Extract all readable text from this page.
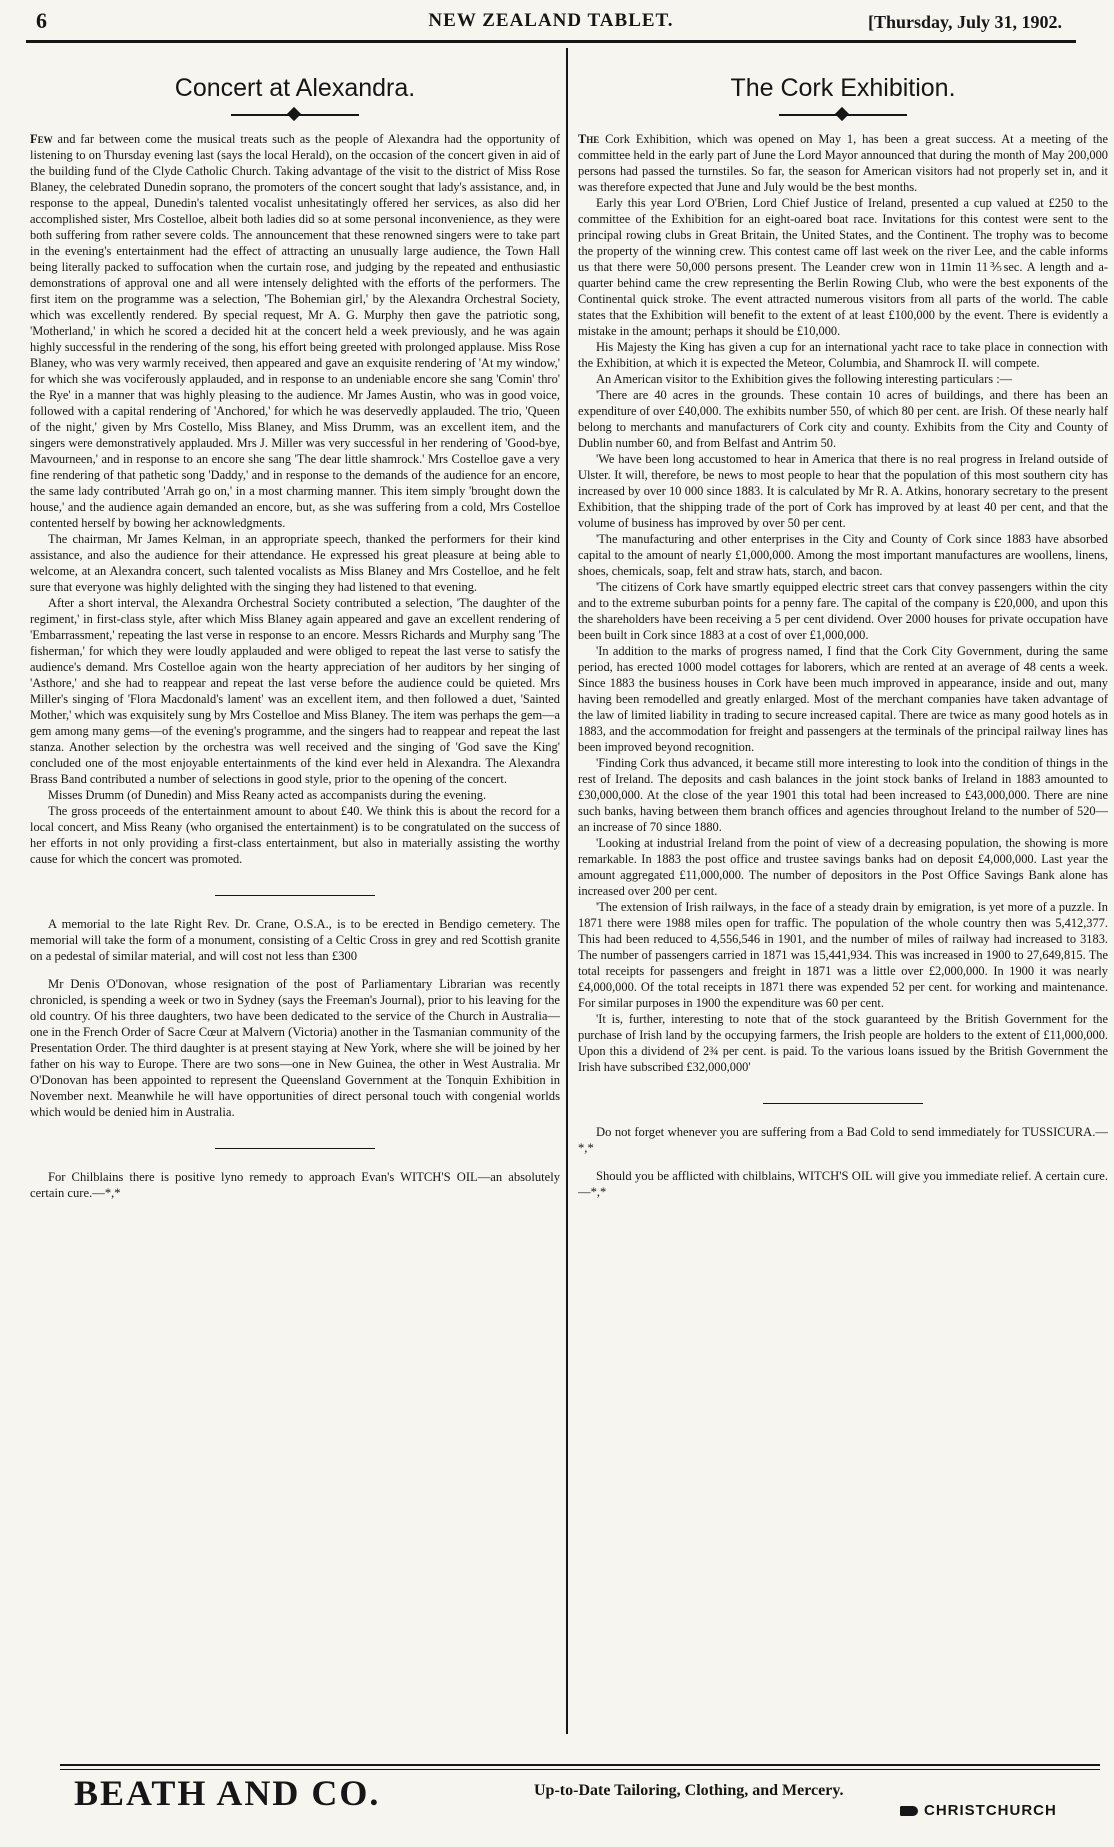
6	NEW ZEALAND TABLET.	[Thursday, July 31, 1902.
Concert at Alexandra.

Few and far between come the musical treats such as the people of Alexandra had the opportunity of listening to on Thursday evening last (says the local Herald), on the occasion of the concert given in aid of the building fund of the Clyde Catholic Church. Taking advantage of the visit to the district of Miss Rose Blaney, the celebrated Dunedin soprano, the promoters of the concert sought that lady's assistance, and, in response to the appeal, Dunedin's talented vocalist unhesitatingly offered her services, as also did her accomplished sister, Mrs Costelloe, albeit both ladies did so at some personal inconvenience, as they were both suffering from rather severe colds. The announcement that these renowned singers were to take part in the evening's entertainment had the effect of attracting an unusually large audience, the Town Hall being literally packed to suffocation when the curtain rose, and judging by the repeated and enthusiastic demonstrations of approval one and all were intensely delighted with the efforts of the performers. The first item on the programme was a selection, 'The Bohemian girl,' by the Alexandra Orchestral Society, which was excellently rendered. By special request, Mr A. G. Murphy then gave the patriotic song, 'Motherland,' in which he scored a decided hit at the concert held a week previously, and he was again highly successful in the rendering of the song, his effort being greeted with prolonged applause. Miss Rose Blaney, who was very warmly received, then appeared and gave an exquisite rendering of 'At my window,' for which she was vociferously applauded, and in response to an undeniable encore she sang 'Comin' thro' the Rye' in a manner that was highly pleasing to the audience. Mr James Austin, who was in good voice, followed with a capital rendering of 'Anchored,' for which he was deservedly applauded. The trio, 'Queen of the night,' given by Mrs Costello, Miss Blaney, and Miss Drumm, was an excellent item, and the singers were demonstratively applauded. Mrs J. Miller was very successful in her rendering of 'Good-bye, Mavourneen,' and in response to an encore she sang 'The dear little shamrock.' Mrs Costelloe gave a very fine rendering of that pathetic song 'Daddy,' and in response to the demands of the audience for an encore, the same lady contributed 'Arrah go on,' in a most charming manner. This item simply 'brought down the house,' and the audience again demanded an encore, but, as she was suffering from a cold, Mrs Costelloe contented herself by bowing her acknowledgments.

The chairman, Mr James Kelman, in an appropriate speech, thanked the performers for their kind assistance, and also the audience for their attendance. He expressed his great pleasure at being able to welcome, at an Alexandra concert, such talented vocalists as Miss Blaney and Mrs Costelloe, and he felt sure that everyone was highly delighted with the singing they had listened to that evening.

After a short interval, the Alexandra Orchestral Society contributed a selection, 'The daughter of the regiment,' in first-class style, after which Miss Blaney again appeared and gave an excellent rendering of 'Embarrassment,' repeating the last verse in response to an encore. Messrs Richards and Murphy sang 'The fisherman,' for which they were loudly applauded and were obliged to repeat the last verse to satisfy the audience's demand. Mrs Costelloe again won the hearty appreciation of her auditors by her singing of 'Asthore,' and she had to reappear and repeat the last verse before the audience could be quieted. Mrs Miller's singing of 'Flora Macdonald's lament' was an excellent item, and then followed a duet, 'Sainted Mother,' which was exquisitely sung by Mrs Costelloe and Miss Blaney. The item was perhaps the gem—a gem among many gems—of the evening's programme, and the singers had to reappear and repeat the last stanza. Another selection by the orchestra was well received and the singing of 'God save the King' concluded one of the most enjoyable entertainments of the kind ever held in Alexandra. The Alexandra Brass Band contributed a number of selections in good style, prior to the opening of the concert.

Misses Drumm (of Dunedin) and Miss Reany acted as accompanists during the evening.

The gross proceeds of the entertainment amount to about £40. We think this is about the record for a local concert, and Miss Reany (who organised the entertainment) is to be congratulated on the success of her efforts in not only providing a first-class entertainment, but also in materially assisting the worthy cause for which the concert was promoted.

A memorial to the late Right Rev. Dr. Crane, O.S.A., is to be erected in Bendigo cemetery. The memorial will take the form of a monument, consisting of a Celtic Cross in grey and red Scottish granite on a pedestal of similar material, and will cost not less than £300

Mr Denis O'Donovan, whose resignation of the post of Parliamentary Librarian was recently chronicled, is spending a week or two in Sydney (says the Freeman's Journal), prior to his leaving for the old country. Of his three daughters, two have been dedicated to the service of the Church in Australia—one in the French Order of Sacre Cœur at Malvern (Victoria) another in the Tasmanian community of the Presentation Order. The third daughter is at present staying at New York, where she will be joined by her father on his way to Europe. There are two sons—one in New Guinea, the other in West Australia. Mr O'Donovan has been appointed to represent the Queensland Government at the Tonquin Exhibition in November next. Meanwhile he will have opportunities of direct personal touch with congenial worlds which would be denied him in Australia.

For Chilblains there is positive lyno remedy to approach Evan's WITCH'S OIL—an absolutely certain cure.—*,*

The Cork Exhibition.

The Cork Exhibition, which was opened on May 1, has been a great success. At a meeting of the committee held in the early part of June the Lord Mayor announced that during the month of May 200,000 persons had passed the turnstiles. So far, the season for American visitors had not properly set in, and it was therefore expected that June and July would be the best months.

Early this year Lord O'Brien, Lord Chief Justice of Ireland, presented a cup valued at £250 to the committee of the Exhibition for an eight-oared boat race. Invitations for this contest were sent to the principal rowing clubs in Great Britain, the United States, and the Continent. The trophy was to become the property of the winning crew. This contest came off last week on the river Lee, and the cable informs us that there were 50,000 persons present. The Leander crew won in 11min 11⅗sec. A length and a-quarter behind came the crew representing the Berlin Rowing Club, who were the best exponents of the Continental quick stroke. The event attracted numerous visitors from all parts of the world. The cable states that the Exhibition will benefit to the extent of at least £100,000 by the event. There is evidently a mistake in the amount; perhaps it should be £10,000.

His Majesty the King has given a cup for an international yacht race to take place in connection with the Exhibition, at which it is expected the Meteor, Columbia, and Shamrock II. will compete.

An American visitor to the Exhibition gives the following interesting particulars :—

'There are 40 acres in the grounds. These contain 10 acres of buildings, and there has been an expenditure of over £40,000. The exhibits number 550, of which 80 per cent. are Irish. Of these nearly half belong to merchants and manufacturers of Cork city and county. Exhibits from the City and County of Dublin number 60, and from Belfast and Antrim 50.

'We have been long accustomed to hear in America that there is no real progress in Ireland outside of Ulster. It will, therefore, be news to most people to hear that the population of this most southern city has increased by over 10 000 since 1883. It is calculated by Mr R. A. Atkins, honorary secretary to the present Exhibition, that the shipping trade of the port of Cork has improved by at least 40 per cent, and that the volume of business has improved by over 50 per cent.

'The manufacturing and other enterprises in the City and County of Cork since 1883 have absorbed capital to the amount of nearly £1,000,000. Among the most important manufactures are woollens, linens, shoes, chemicals, soap, felt and straw hats, starch, and bacon.

'The citizens of Cork have smartly equipped electric street cars that convey passengers within the city and to the extreme suburban points for a penny fare. The capital of the company is £20,000, and upon this the shareholders have been receiving a 5 per cent dividend. Over 2000 houses for private occupation have been built in Cork since 1883 at a cost of over £1,000,000.

'In addition to the marks of progress named, I find that the Cork City Government, during the same period, has erected 1000 model cottages for laborers, which are rented at an average of 48 cents a week. Since 1883 the business houses in Cork have been much improved in appearance, inside and out, many having been remodelled and greatly enlarged. Most of the merchant companies have taken advantage of the law of limited liability in trading to secure increased capital. There are twice as many good hotels as in 1883, and the accommodation for freight and passengers at the terminals of the principal railway lines has been improved beyond recognition.

'Finding Cork thus advanced, it became still more interesting to look into the condition of things in the rest of Ireland. The deposits and cash balances in the joint stock banks of Ireland in 1883 amounted to £30,000,000. At the close of the year 1901 this total had been increased to £43,000,000. There are nine such banks, having between them branch offices and agencies throughout Ireland to the number of 520—an increase of 70 since 1880.

'Looking at industrial Ireland from the point of view of a decreasing population, the showing is more remarkable. In 1883 the post office and trustee savings banks had on deposit £4,000,000. Last year the amount aggregated £11,000,000. The number of depositors in the Post Office Savings Bank alone has increased over 200 per cent.

'The extension of Irish railways, in the face of a steady drain by emigration, is yet more of a puzzle. In 1871 there were 1988 miles open for traffic. The population of the whole country then was 5,412,377. This had been reduced to 4,556,546 in 1901, and the number of miles of railway had increased to 3183. The number of passengers carried in 1871 was 15,441,934. This was increased in 1900 to 27,649,815. The total receipts for passengers and freight in 1871 was a little over £2,000,000. In 1900 it was nearly £4,000,000. Of the total receipts in 1871 there was expended 52 per cent. for working and maintenance. For similar purposes in 1900 the expenditure was 60 per cent.

'It is, further, interesting to note that of the stock guaranteed by the British Government for the purchase of Irish land by the occupying farmers, the Irish people are holders to the extent of £11,000,000. Upon this a dividend of 2¾ per cent. is paid. To the various loans issued by the British Government the Irish have subscribed £32,000,000'

Do not forget whenever you are suffering from a Bad Cold to send immediately for TUSSICURA.—*,*

Should you be afflicted with chilblains, WITCH'S OIL will give you immediate relief. A certain cure.—*,*

BEATH AND CO.	Up-to-Date Tailoring, Clothing, and Mercery.
CHRISTCHURCH
